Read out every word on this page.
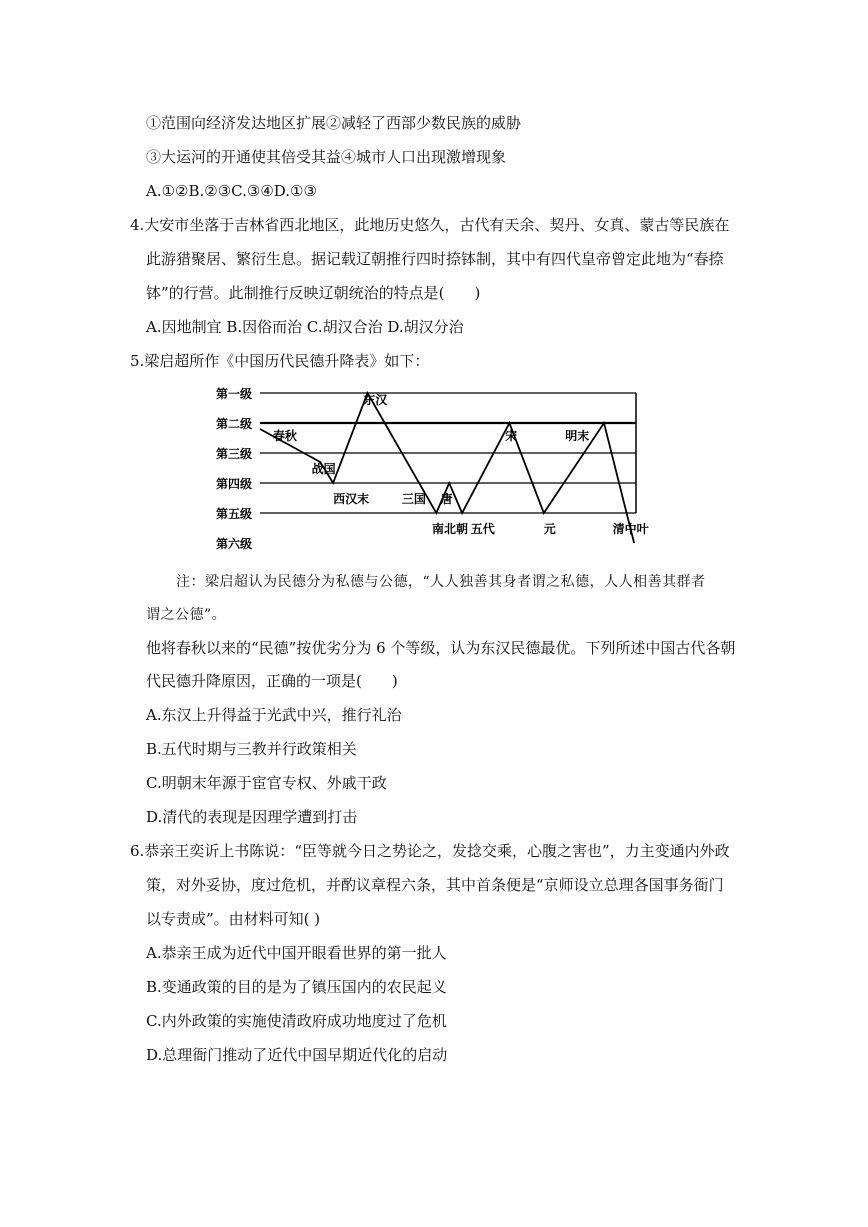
①范围向经济发达地区扩展②减轻了西部少数民族的威胁
③大运河的开通使其倍受其益④城市人口出现激增现象
A.①②B.②③C.③④D.①③
4.大安市坐落于吉林省西北地区，此地历史悠久，古代有天余、契丹、女真、蒙古等民族在
此游猎聚居、繁衍生息。据记载辽朝推行四时捺钵制，其中有四代皇帝曾定此地为“春捺
钵”的行营。此制推行反映辽朝统治的特点是(　　)
A.因地制宜 B.因俗而治 C.胡汉合治 D.胡汉分治
5.梁启超所作《中国历代民德升降表》如下：
第一级
第二级
第三级
第四级
第五级
第六级
东汉
春秋	宋	明末
战国
西汉末	三国 唐
南北朝 五代	元	清中叶
注：梁启超认为民德分为私德与公德，“人人独善其身者谓之私德，人人相善其群者
谓之公德”。
他将春秋以来的“民德”按优劣分为 6 个等级，认为东汉民德最优。下列所述中国古代各朝
代民德升降原因，正确的一项是(　　)
A.东汉上升得益于光武中兴，推行礼治
B.五代时期与三教并行政策相关
C.明朝末年源于宦官专权、外戚干政
D.清代的表现是因理学遭到打击
6.恭亲王奕䜣上书陈说：“臣等就今日之势论之，发捻交乘，心腹之害也”，力主变通内外政
策，对外妥协，度过危机，并酌议章程六条，其中首条便是“京师设立总理各国事务衙门
以专责成”。由材料可知( )
A.恭亲王成为近代中国开眼看世界的第一批人
B.变通政策的目的是为了镇压国内的农民起义
C.内外政策的实施使清政府成功地度过了危机
D.总理衙门推动了近代中国早期近代化的启动
